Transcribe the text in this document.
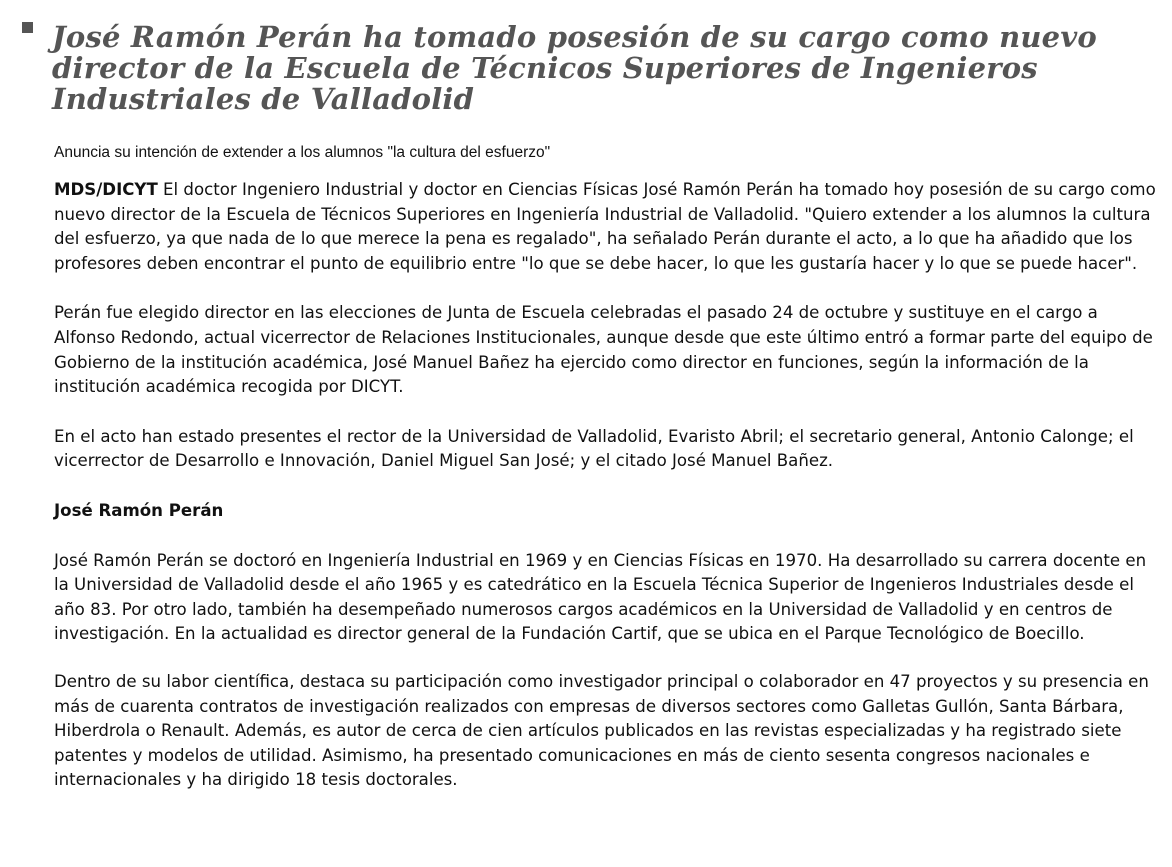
José Ramón Perán ha tomado posesión de su cargo como nuevo director de la Escuela de Técnicos Superiores de Ingenieros Industriales de Valladolid

Anuncia su intención de extender a los alumnos "la cultura del esfuerzo"

MDS/DICYT El doctor Ingeniero Industrial y doctor en Ciencias Físicas José Ramón Perán ha tomado hoy posesión de su cargo como nuevo director de la Escuela de Técnicos Superiores en Ingeniería Industrial de Valladolid. "Quiero extender a los alumnos la cultura del esfuerzo, ya que nada de lo que merece la pena es regalado", ha señalado Perán durante el acto, a lo que ha añadido que los profesores deben encontrar el punto de equilibrio entre "lo que se debe hacer, lo que les gustaría hacer y lo que se puede hacer".

Perán fue elegido director en las elecciones de Junta de Escuela celebradas el pasado 24 de octubre y sustituye en el cargo a Alfonso Redondo, actual vicerrector de Relaciones Institucionales, aunque desde que este último entró a formar parte del equipo de Gobierno de la institución académica, José Manuel Bañez ha ejercido como director en funciones, según la información de la institución académica recogida por DICYT.

En el acto han estado presentes el rector de la Universidad de Valladolid, Evaristo Abril; el secretario general, Antonio Calonge; el vicerrector de Desarrollo e Innovación, Daniel Miguel San José; y el citado José Manuel Bañez.

José Ramón Perán

José Ramón Perán se doctoró en Ingeniería Industrial en 1969 y en Ciencias Físicas en 1970. Ha desarrollado su carrera docente en la Universidad de Valladolid desde el año 1965 y es catedrático en la Escuela Técnica Superior de Ingenieros Industriales desde el año 83. Por otro lado, también ha desempeñado numerosos cargos académicos en la Universidad de Valladolid y en centros de investigación. En la actualidad es director general de la Fundación Cartif, que se ubica en el Parque Tecnológico de Boecillo.

Dentro de su labor científica, destaca su participación como investigador principal o colaborador en 47 proyectos y su presencia en más de cuarenta contratos de investigación realizados con empresas de diversos sectores como Galletas Gullón, Santa Bárbara, Hiberdrola o Renault. Además, es autor de cerca de cien artículos publicados en las revistas especializadas y ha registrado siete patentes y modelos de utilidad. Asimismo, ha presentado comunicaciones en más de ciento sesenta congresos nacionales e internacionales y ha dirigido 18 tesis doctorales.
